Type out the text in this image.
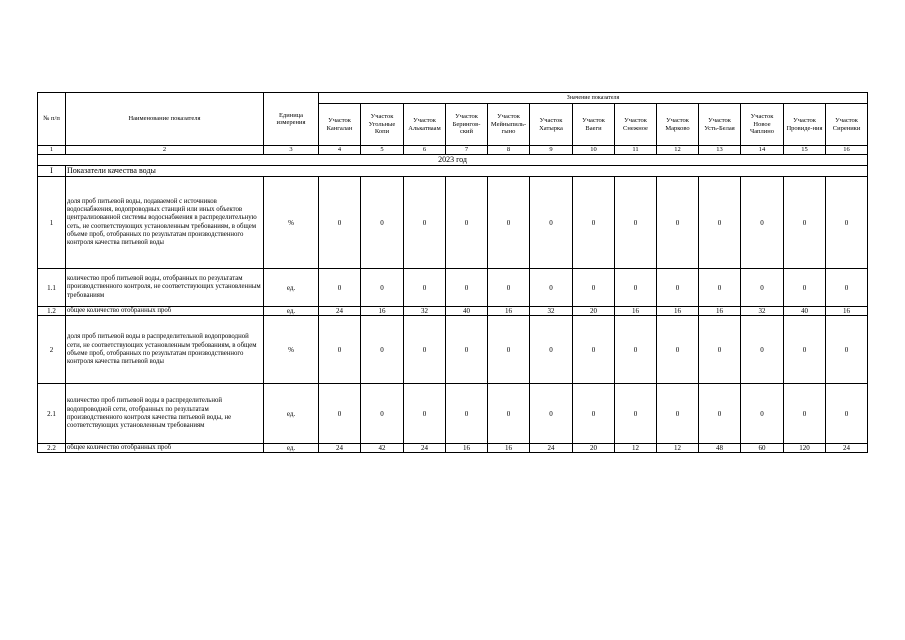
№ п/п	Наименование показателя	Единица измерения	Значение показателя												
			Участок Кангалан	Участок Угольные Копи	Участок Алькатваам	Участок Берингов-ский	Участок Мейныпиль-гыно	Участок Хатырка	Участок Ваеги	Участок Снежное	Участок Марково	Участок Усть-Белая	Участок Новое Чаплино	Участок Провиде-ния	Участок Сиреники
1	2	3	4	5	6	7	8	9	10	11	12	13	14	15	16
2023 год															
I	Показатели качества воды														
1	доля проб питьевой воды, подаваемой с источников водоснабжения, водопроводных станций или иных объектов централизованной системы водоснабжения в распределительную сеть, не соответствующих установленным требованиям, в общем объеме проб, отобранных по результатам производственного контроля качества питьевой воды	%	0	0	0	0	0	0	0	0	0	0	0	0	0
1.1	количество проб питьевой воды, отобранных по результатам производственного контроля, не соответствующих установленным требованиям	ед.	0	0	0	0	0	0	0	0	0	0	0	0	0
1.2	общее количество отобранных проб	ед.	24	16	32	40	16	32	20	16	16	16	32	40	16
2	доля проб питьевой воды в распределительной водопроводной сети, не соответствующих установленным требованиям, в общем объеме проб, отобранных по результатам производственного контроля качества питьевой воды	%	0	0	0	0	0	0	0	0	0	0	0	0	0
2.1	количество проб питьевой воды в распределительной водопроводной сети, отобранных по результатам производственного контроля качества питьевой воды, не соответствующих установленным требованиям	ед.	0	0	0	0	0	0	0	0	0	0	0	0	0
2.2	общее количество отобранных проб	ед.	24	42	24	16	16	24	20	12	12	48	60	120	24
